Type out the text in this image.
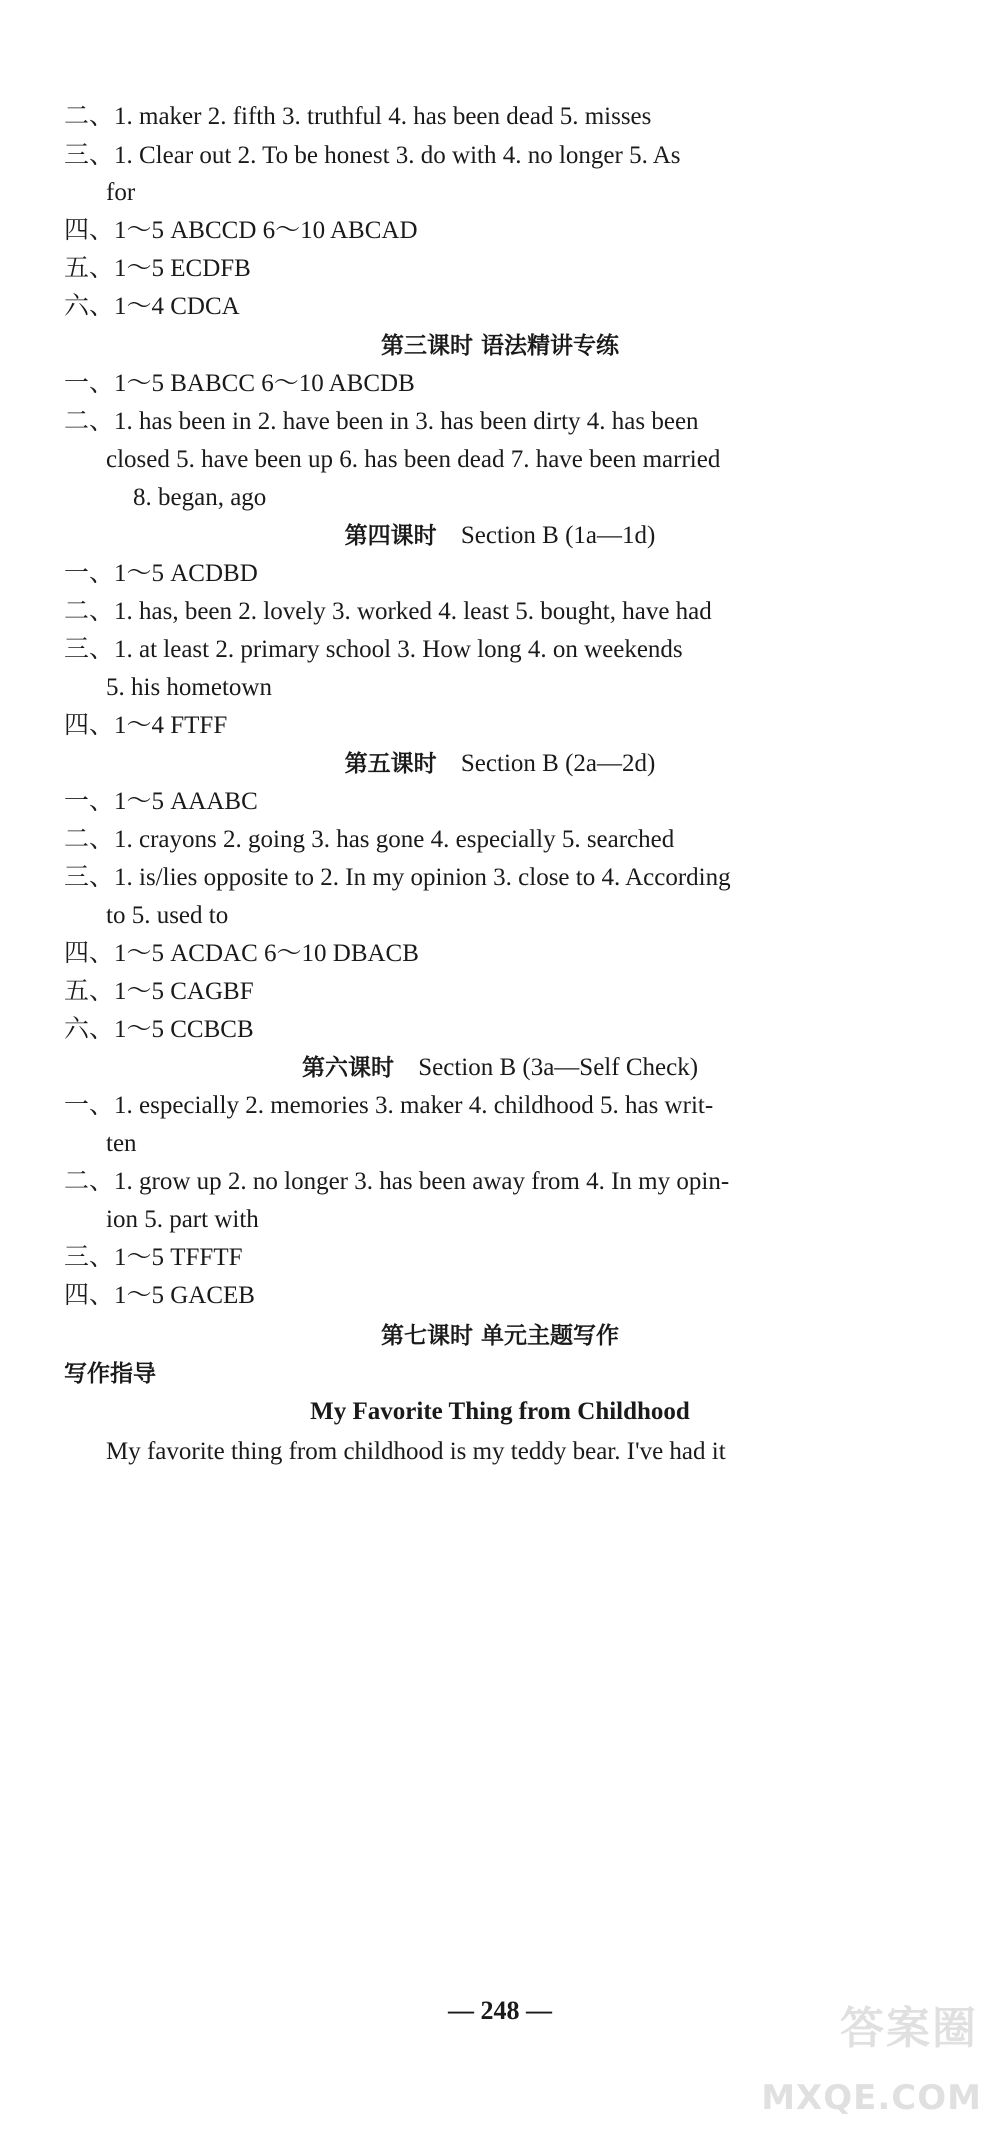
二、1. maker 2. fifth 3. truthful 4. has been dead 5. misses
三、1. Clear out 2. To be honest 3. do with 4. no longer 5. As
for
四、1～5 ABCCD 6～10 ABCAD
五、1～5 ECDFB
六、1～4 CDCA
第三课时 语法精讲专练
一、1～5 BABCC 6～10 ABCDB
二、1. has been in 2. have been in 3. has been dirty 4. has been
closed 5. have been up 6. has been dead 7. have been married
8. began, ago
第四课时 Section B (1a—1d)
一、1～5 ACDBD
二、1. has, been 2. lovely 3. worked 4. least 5. bought, have had
三、1. at least 2. primary school 3. How long 4. on weekends
5. his hometown
四、1～4 FTFF
第五课时 Section B (2a—2d)
一、1～5 AAABC
二、1. crayons 2. going 3. has gone 4. especially 5. searched
三、1. is/lies opposite to 2. In my opinion 3. close to 4. According
to 5. used to
四、1～5 ACDAC 6～10 DBACB
五、1～5 CAGBF
六、1～5 CCBCB
第六课时 Section B (3a—Self Check)
一、1. especially 2. memories 3. maker 4. childhood 5. has writ-
ten
二、1. grow up 2. no longer 3. has been away from 4. In my opin-
ion 5. part with
三、1～5 TFFTF
四、1～5 GACEB
第七课时 单元主题写作
写作指导
My Favorite Thing from Childhood
My favorite thing from childhood is my teddy bear. I've had it
— 248 —	答案圈
MXQE.COM
